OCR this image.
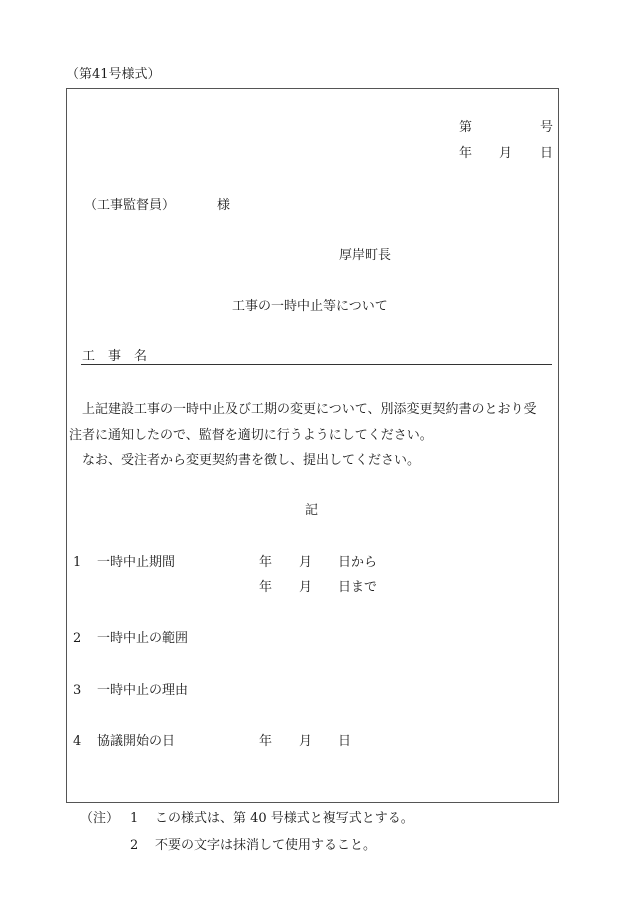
（第41号様式）
第	号
年 月 日
（工事監督員）	様
厚岸町長
工事の一時中止等について
工　事　名
上記建設工事の一時中止及び工期の変更について、別添変更契約書のとおり受
注者に通知したので、監督を適切に行うようにしてください。
なお、受注者から変更契約書を徴し、提出してください。
記
1 一時中止期間	年 月 日から
年 月 日まで
2 一時中止の範囲
3 一時中止の理由
4 協議開始の日	年 月 日
（注） 1 この様式は、第 40 号様式と複写式とする。
2 不要の文字は抹消して使用すること。
